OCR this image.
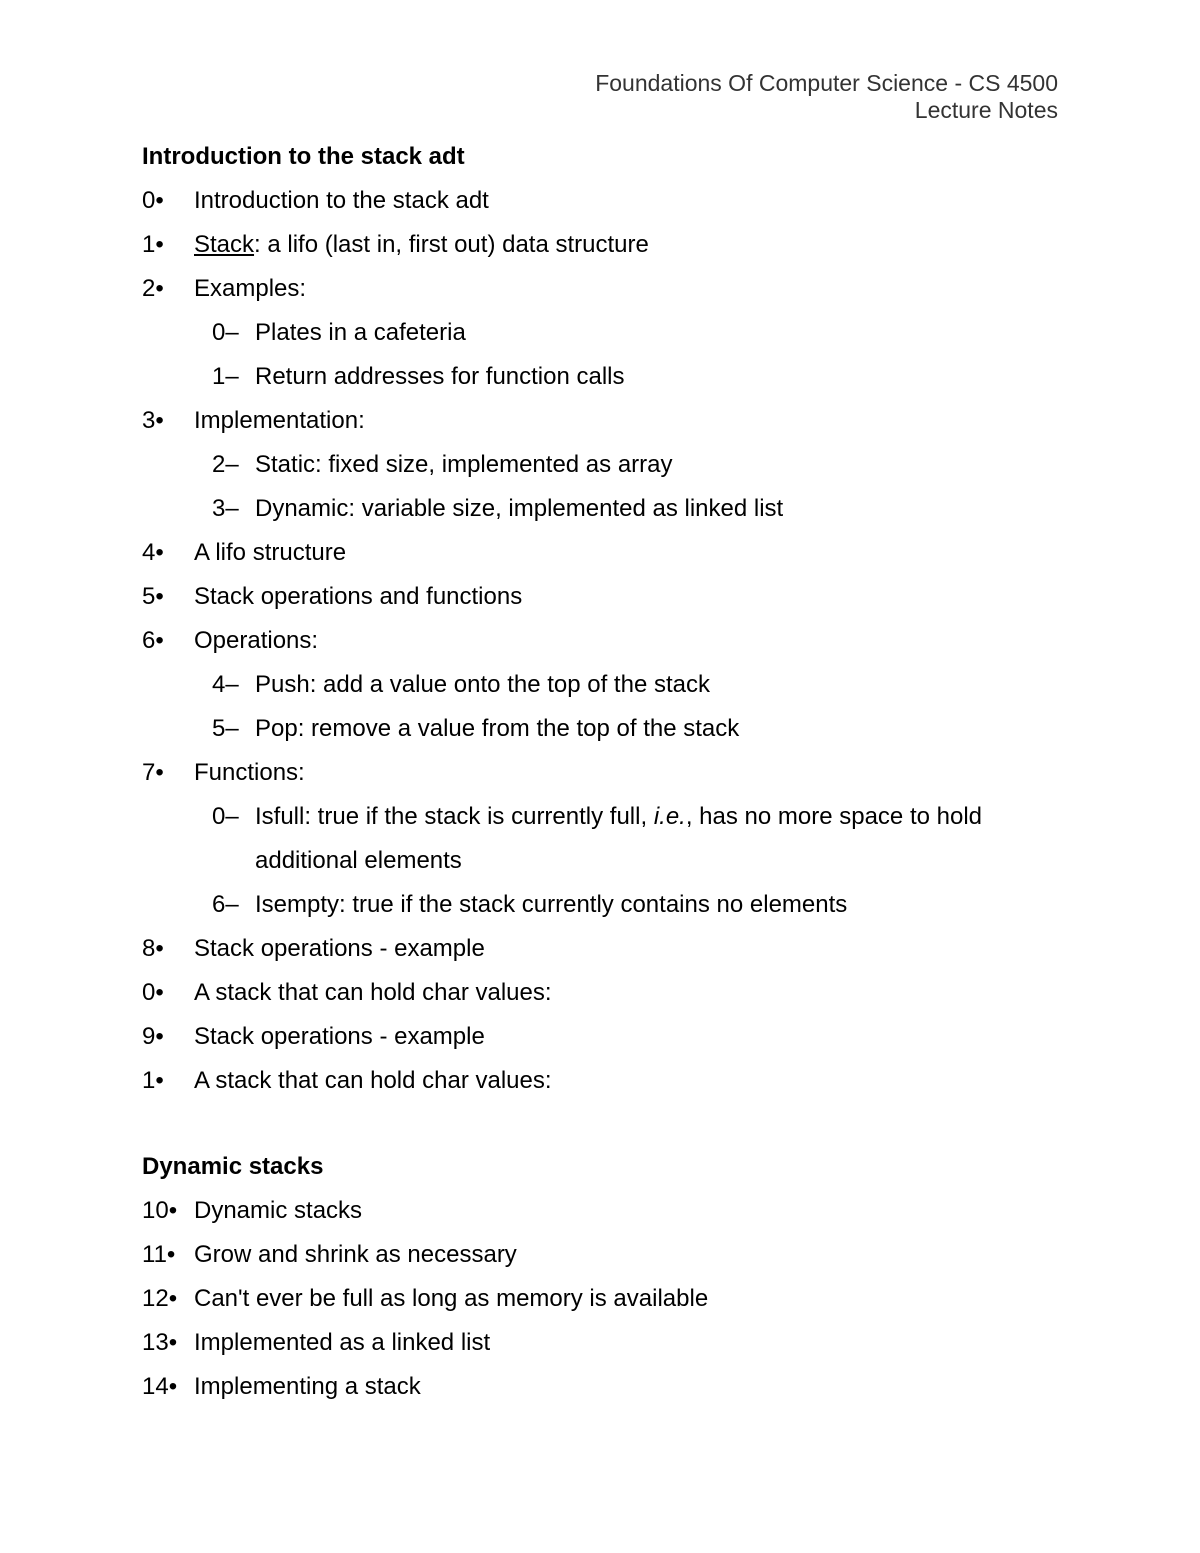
Foundations Of Computer Science - CS 4500
Lecture Notes
Introduction to the stack adt
0• Introduction to the stack adt
1• Stack: a lifo (last in, first out) data structure
2• Examples:
0– Plates in a cafeteria
1– Return addresses for function calls
3• Implementation:
2– Static: fixed size, implemented as array
3– Dynamic: variable size, implemented as linked list
4• A lifo structure
5• Stack operations and functions
6• Operations:
4– Push: add a value onto the top of the stack
5– Pop: remove a value from the top of the stack
7• Functions:
0– Isfull: true if the stack is currently full, i.e., has no more space to hold additional elements
6– Isempty: true if the stack currently contains no elements
8• Stack operations - example
0• A stack that can hold char values:
9• Stack operations - example
1• A stack that can hold char values:
Dynamic stacks
10• Dynamic stacks
11• Grow and shrink as necessary
12• Can't ever be full as long as memory is available
13• Implemented as a linked list
14• Implementing a stack
